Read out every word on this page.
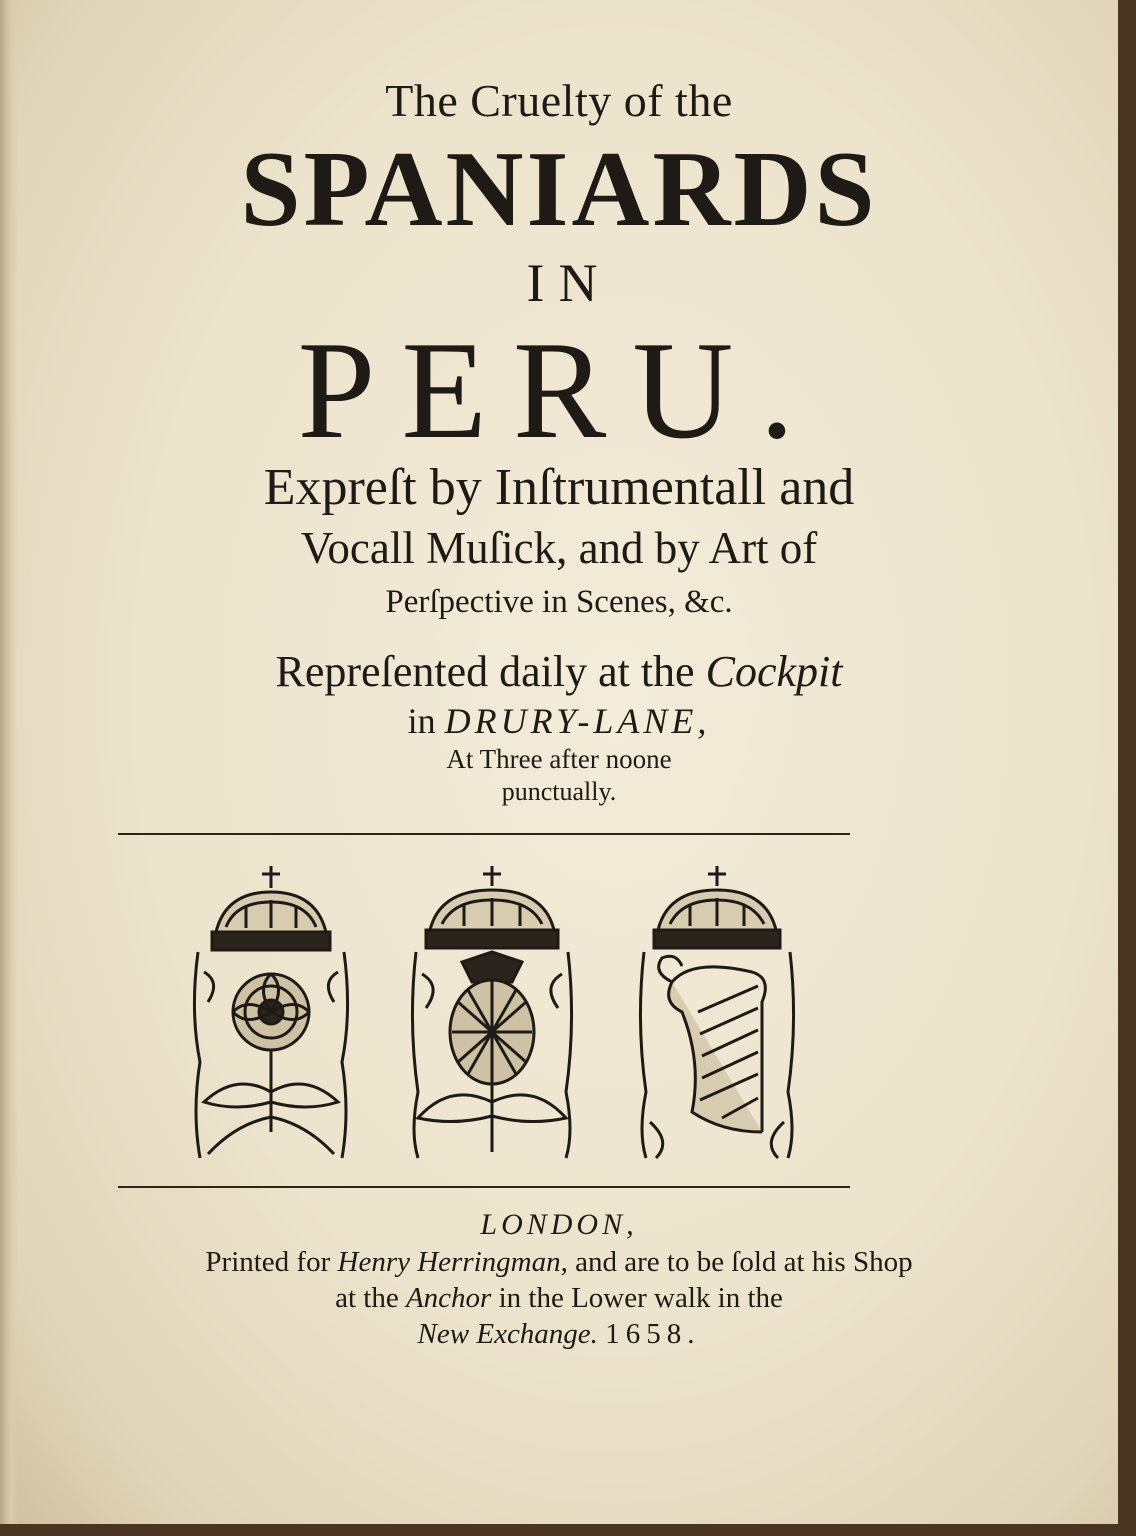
The Cruelty of the
SPANIARDS
IN
PERU.
Expreſt by Inſtrumentall and
Vocall Muſick, and by Art of
Perſpective in Scenes, &c.
Repreſented daily at the Cockpit
in DRURY-LANE,
At Three after noone
punctually.
LONDON,
Printed for Henry Herringman, and are to be ſold at his Shop
at the Anchor in the Lower walk in the
New Exchange. 1658.
